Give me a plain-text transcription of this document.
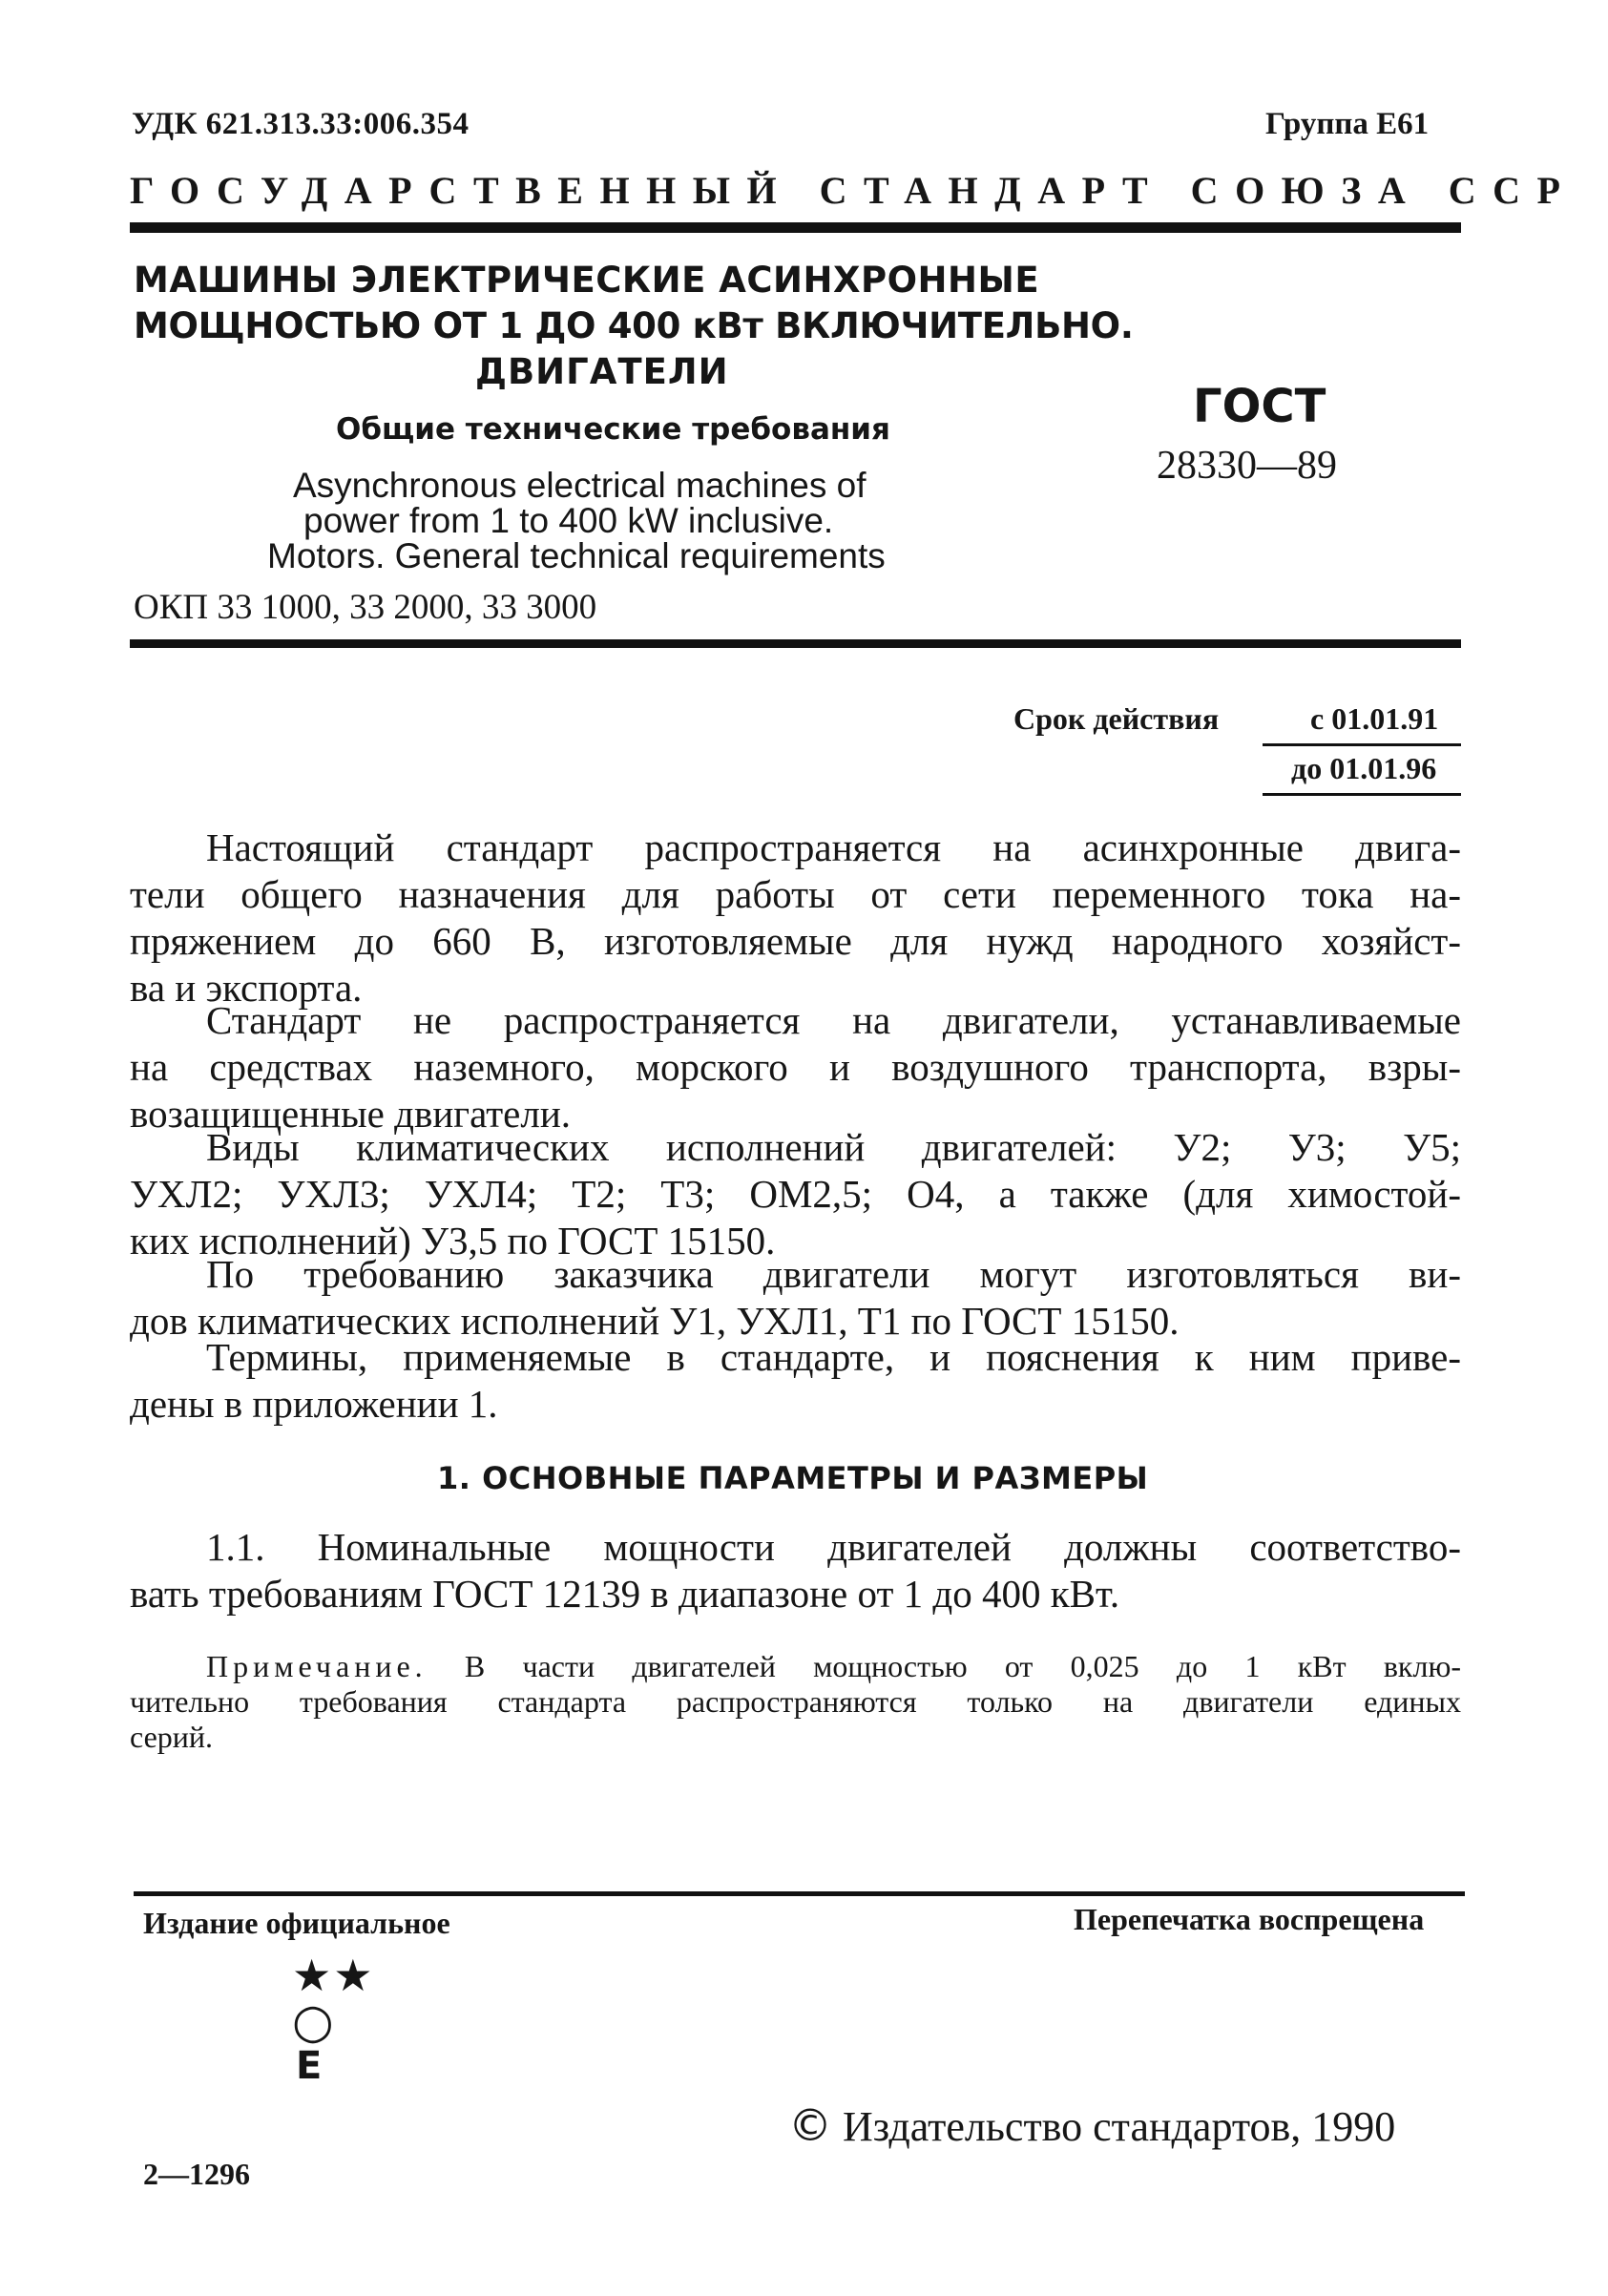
УДК 621.313.33:006.354	Группа Е61
ГОСУДАРСТВЕННЫЙ СТАНДАРТ СОЮЗА ССР
МАШИНЫ ЭЛЕКТРИЧЕСКИЕ АСИНХРОННЫЕ
МОЩНОСТЬЮ ОТ 1 ДО 400 кВт ВКЛЮЧИТЕЛЬНО.
ДВИГАТЕЛИ
Общие технические требования
Asynchronous electrical machines of
power from 1 to 400 kW inclusive.
Motors. General technical requirements
ОКП 33 1000, 33 2000, 33 3000
ГОСТ
28330—89
Срок действия	с 01.01.91
до 01.01.96
Настоящий стандарт распространяется на асинхронные двига-
тели общего назначения для работы от сети переменного тока на-
пряжением до 660 В, изготовляемые для нужд народного хозяйст-
ва и экспорта.
Стандарт не распространяется на двигатели, устанавливаемые
на средствах наземного, морского и воздушного транспорта, взры-
возащищенные двигатели.
Виды климатических исполнений двигателей: У2; У3; У5;
УХЛ2; УХЛ3; УХЛ4; Т2; Т3; ОМ2,5; О4, а также (для химостой-
ких исполнений) У3,5 по ГОСТ 15150.
По требованию заказчика двигатели могут изготовляться ви-
дов климатических исполнений У1, УХЛ1, Т1 по ГОСТ 15150.
Термины, применяемые в стандарте, и пояснения к ним приве-
дены в приложении 1.
1. ОСНОВНЫЕ ПАРАМЕТРЫ И РАЗМЕРЫ
1.1. Номинальные мощности двигателей должны соответство-
вать требованиям ГОСТ 12139 в диапазоне от 1 до 400 кВт.
Примечание. В части двигателей мощностью от 0,025 до 1 кВт вклю-
чительно требования стандарта распространяются только на двигатели единых
серий.
Издание официальное	Перепечатка воспрещена
★★
○
Е
© Издательство стандартов, 1990
2—1296
